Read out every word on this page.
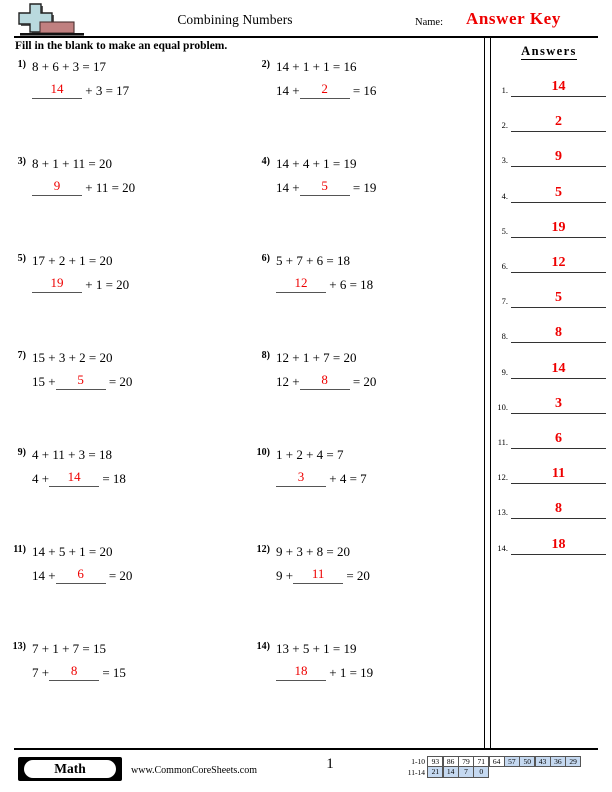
Combining Numbers	Name: Answer Key
Fill in the blank to make an equal problem.
1) 8 + 6 + 3 = 17
14	+ 3 = 17
2) 14 + 1 + 1 = 16
14 +	2	= 16
3) 8 + 1 + 11 = 20
9	+ 11 = 20
4) 14 + 4 + 1 = 19
14 +	5	= 19
5) 17 + 2 + 1 = 20
19	+ 1 = 20
6) 5 + 7 + 6 = 18
12	+ 6 = 18
7) 15 + 3 + 2 = 20
15 +	5	= 20
8) 12 + 1 + 7 = 20
12 +	8	= 20
9) 4 + 11 + 3 = 18
4 +	14	= 18
10) 1 + 2 + 4 = 7
3	+ 4 = 7
11) 14 + 5 + 1 = 20
14 +	6	= 20
12) 9 + 3 + 8 = 20
9 +	11	= 20
13) 7 + 1 + 7 = 15
7 +	8	= 15
14) 13 + 5 + 1 = 19
18	+ 1 = 19
Answers
1.	14
2.	2
3.	9
4.	5
5.	19
6.	12
7.	5
8.	8
9.	14
10.	3
11.	6
12.	11
13.	8
14.	18
Math	www.CommonCoreSheets.com	1	1-10 93	86	79	71	64	57	50	43	36	29
11-14 21	14	7	0
